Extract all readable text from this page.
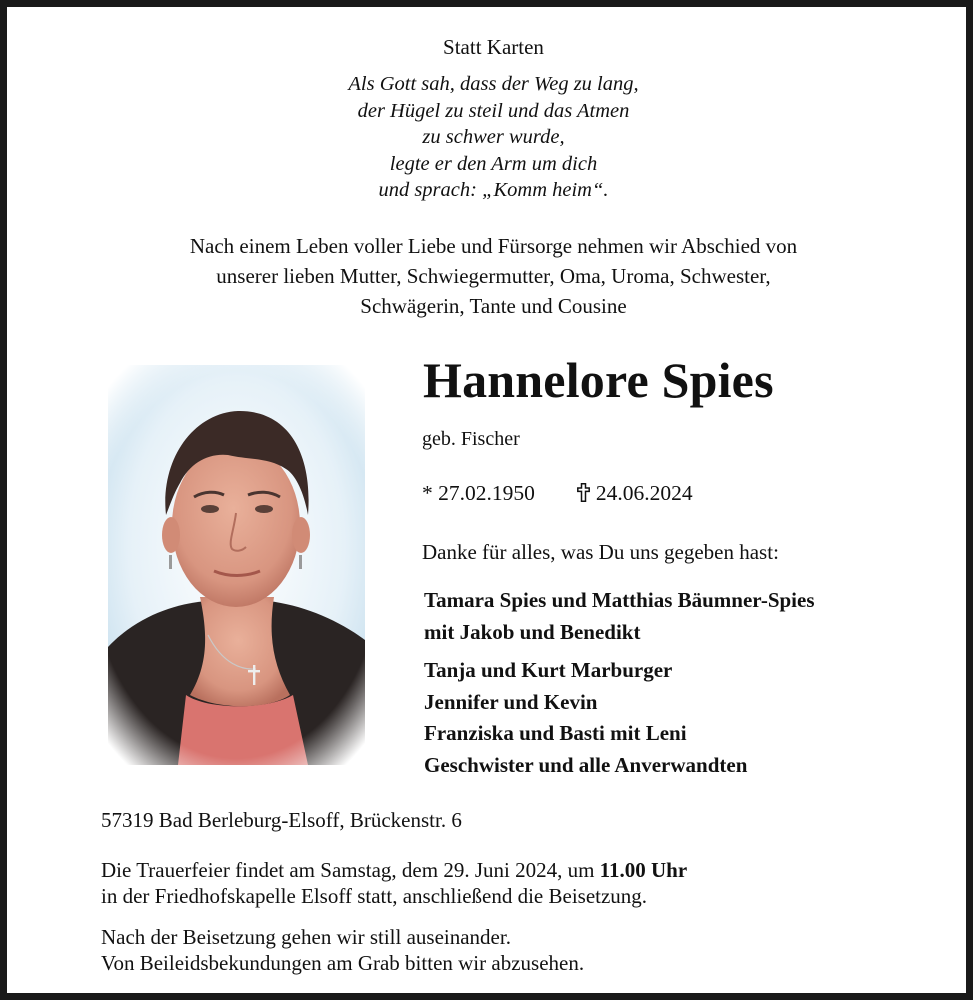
Statt Karten

Als Gott sah, dass der Weg zu lang,
der Hügel zu steil und das Atmen
zu schwer wurde,
legte er den Arm um dich
und sprach: „Komm heim“.
Nach einem Leben voller Liebe und Fürsorge nehmen wir Abschied von
unserer lieben Mutter, Schwiegermutter, Oma, Uroma, Schwester,
Schwägerin, Tante und Cousine
Hannelore Spies

geb. Fischer

* 27.02.1950	24.06.2024

Danke für alles, was Du uns gegeben hast:

Tamara Spies und Matthias Bäumner-Spies
mit Jakob und Benedikt
Tanja und Kurt Marburger
Jennifer und Kevin
Franziska und Basti mit Leni
Geschwister und alle Anverwandten

57319 Bad Berleburg-Elsoff, Brückenstr. 6

Die Trauerfeier findet am Samstag, dem 29. Juni 2024, um 11.00 Uhr
in der Friedhofskapelle Elsoff statt, anschließend die Beisetzung.
Nach der Beisetzung gehen wir still auseinander.
Von Beileidsbekundungen am Grab bitten wir abzusehen.
